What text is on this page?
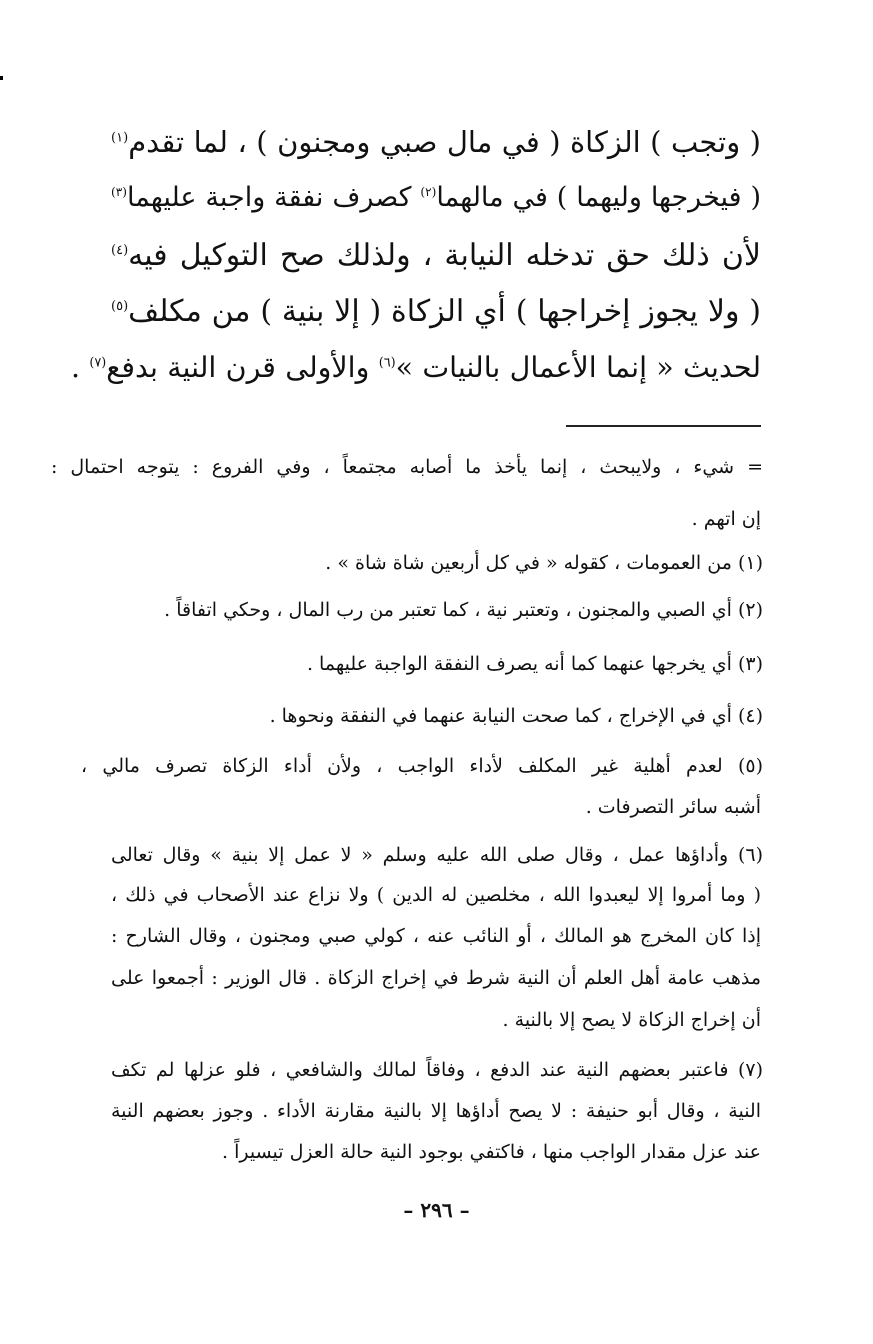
( وتجب ) الزكاة ( في مال صبي ومجنون ) ، لما تقدم$^{(١)}$
( فيخرجها وليهما ) في مالهما$^{(٢)}$ كصرف نفقة واجبة عليهما$^{(٣)}$
لأن ذلك حق تدخله النيابة ، ولذلك صح التوكيل فيه$^{(٤)}$
( ولا يجوز إخراجها ) أي الزكاة ( إلا بنية ) من مكلف$^{(٥)}$
لحديث « إنما الأعمال بالنيات »$^{(٦)}$ والأولى قرن النية بدفع$^{(٧)}$ .
= شيء ، ولايبحث ، إنما يأخذ ما أصابه مجتمعاً ، وفي الفروع : يتوجه احتمال :
إن اتهم .
(١) من العمومات ، كقوله « في كل أربعين شاة شاة » .
(٢) أي الصبي والمجنون ، وتعتبر نية ، كما تعتبر من رب المال ، وحكي اتفاقاً .
(٣) أي يخرجها عنهما كما أنه يصرف النفقة الواجبة عليهما .
(٤) أي في الإخراج ، كما صحت النيابة عنهما في النفقة ونحوها .
(٥) لعدم أهلية غير المكلف لأداء الواجب ، ولأن أداء الزكاة تصرف مالي ،
أشبه سائر التصرفات .
(٦) وأداؤها عمل ، وقال صلى الله عليه وسلم « لا عمل إلا بنية » وقال تعالى
( وما أمروا إلا ليعبدوا الله ، مخلصين له الدين ) ولا نزاع عند الأصحاب في ذلك ،
إذا كان المخرج هو المالك ، أو النائب عنه ، كولي صبي ومجنون ، وقال الشارح :
مذهب عامة أهل العلم أن النية شرط في إخراج الزكاة . قال الوزير : أجمعوا على
أن إخراج الزكاة لا يصح إلا بالنية .
(٧) فاعتبر بعضهم النية عند الدفع ، وفاقاً لمالك والشافعي ، فلو عزلها لم تكف
النية ، وقال أبو حنيفة : لا يصح أداؤها إلا بالنية مقارنة الأداء . وجوز بعضهم النية
عند عزل مقدار الواجب منها ، فاكتفي بوجود النية حالة العزل تيسيراً .
– ٢٩٦ –
